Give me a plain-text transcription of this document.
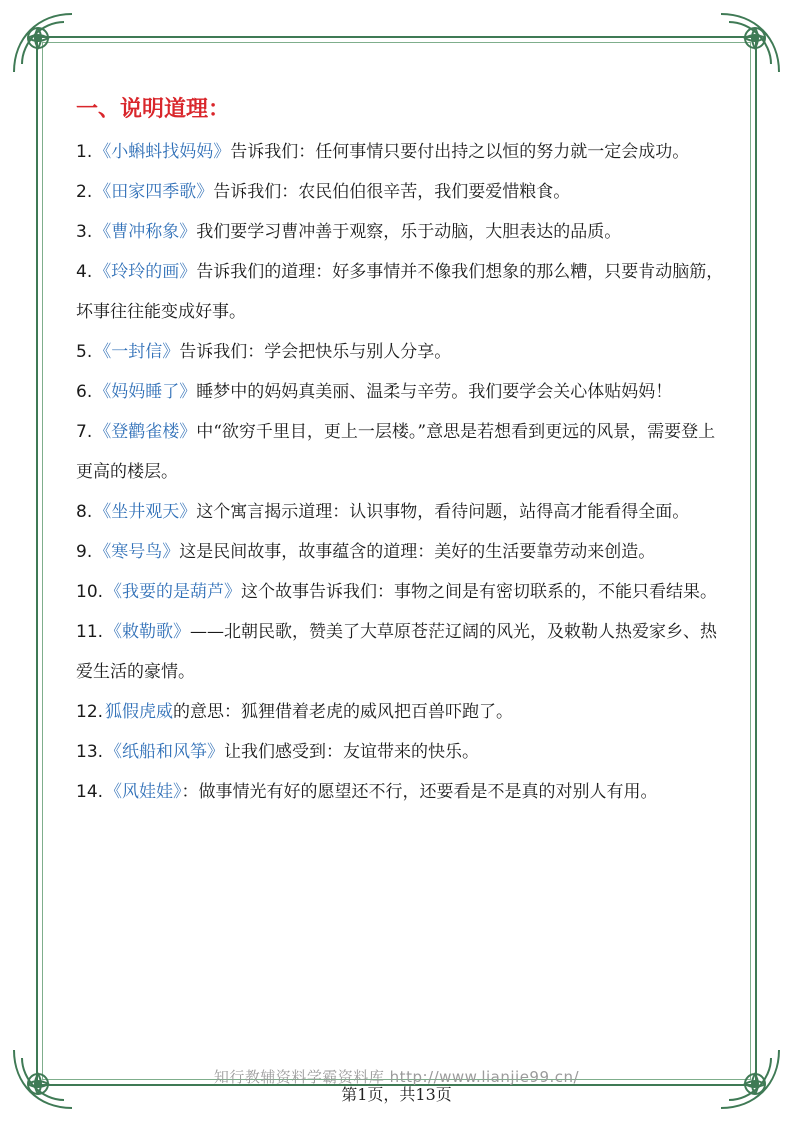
一、说明道理：
1. 《小蝌蚪找妈妈》告诉我们：任何事情只要付出持之以恒的努力就一定会成功。
2. 《田家四季歌》告诉我们：农民伯伯很辛苦，我们要爱惜粮食。
3. 《曹冲称象》我们要学习曹冲善于观察，乐于动脑，大胆表达的品质。
4. 《玲玲的画》告诉我们的道理：好多事情并不像我们想象的那么糟，只要肯动脑筋，坏事往往能变成好事。
5. 《一封信》告诉我们：学会把快乐与别人分享。
6. 《妈妈睡了》睡梦中的妈妈真美丽、温柔与辛劳。我们要学会关心体贴妈妈！
7. 《登鹳雀楼》中“欲穷千里目，更上一层楼。”意思是若想看到更远的风景，需要登上更高的楼层。
8. 《坐井观天》这个寓言揭示道理：认识事物，看待问题，站得高才能看得全面。
9. 《寒号鸟》这是民间故事，故事蕴含的道理：美好的生活要靠劳动来创造。
10. 《我要的是葫芦》这个故事告诉我们：事物之间是有密切联系的，不能只看结果。
11. 《敕勒歌》——北朝民歌，赞美了大草原苍茫辽阔的风光，及敕勒人热爱家乡、热爱生活的豪情。
12. 狐假虎威的意思：狐狸借着老虎的威风把百兽吓跑了。
13. 《纸船和风筝》让我们感受到：友谊带来的快乐。
14. 《风娃娃》：做事情光有好的愿望还不行，还要看是不是真的对别人有用。
知行教辅资料学霸资料库 http://www.lianjie99.cn/
第1页，共13页
